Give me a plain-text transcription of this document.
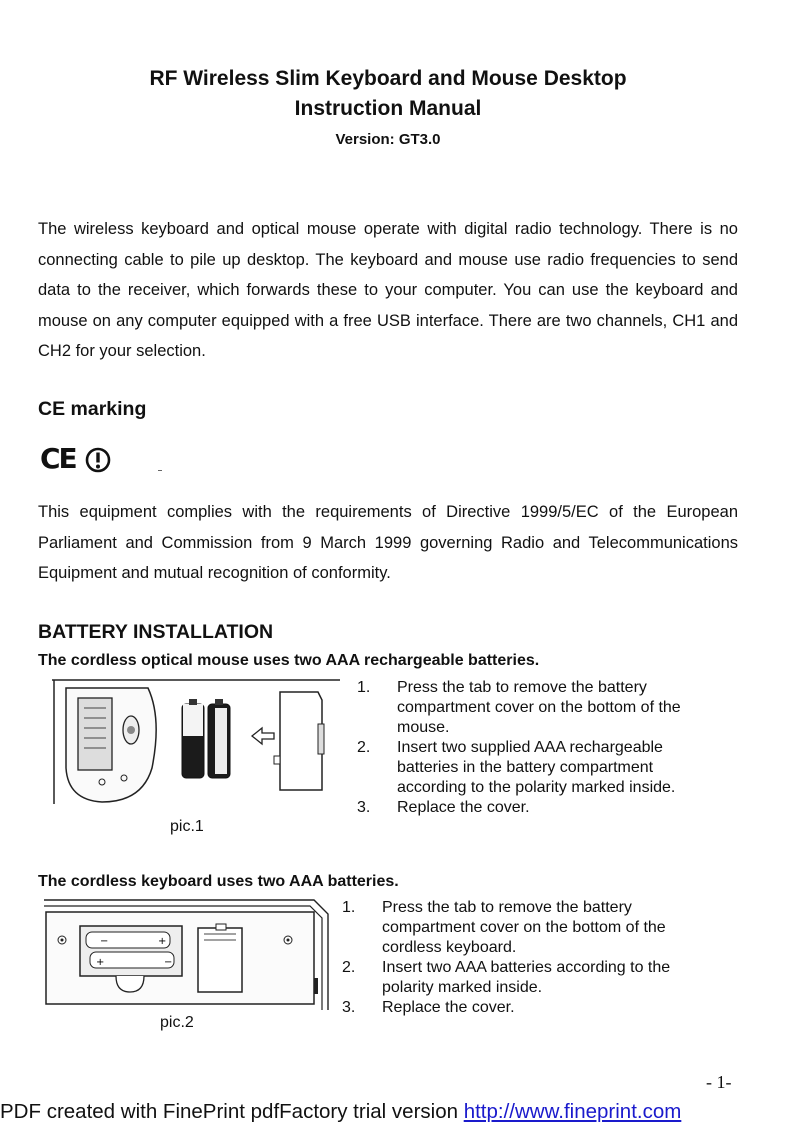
RF Wireless Slim Keyboard and Mouse Desktop
Instruction Manual
Version: GT3.0
The wireless keyboard and optical mouse operate with digital radio technology. There is no connecting cable to pile up desktop. The keyboard and mouse use radio frequencies to send data to the receiver, which forwards these to your computer. You can use the keyboard and mouse on any computer equipped with a free USB interface. There are two channels, CH1 and CH2 for your selection.
CE marking
CE
This equipment complies with the requirements of Directive 1999/5/EC of the European Parliament and Commission from 9 March 1999 governing Radio and Telecommunications Equipment and mutual recognition of conformity.
BATTERY INSTALLATION
The cordless optical mouse uses two AAA rechargeable batteries.
pic.1
1. Press the tab to remove the battery compartment cover on the bottom of the mouse.
2. Insert two supplied AAA rechargeable batteries in the battery compartment according to the polarity marked inside.
3. Replace the cover.
The cordless keyboard uses two AAA batteries.
−	+
+	−
pic.2
1. Press the tab to remove the battery compartment cover on the bottom of the cordless keyboard.
2. Insert two AAA batteries according to the polarity marked inside.
3. Replace the cover.
- 1-
PDF created with FinePrint pdfFactory trial version http://www.fineprint.com
